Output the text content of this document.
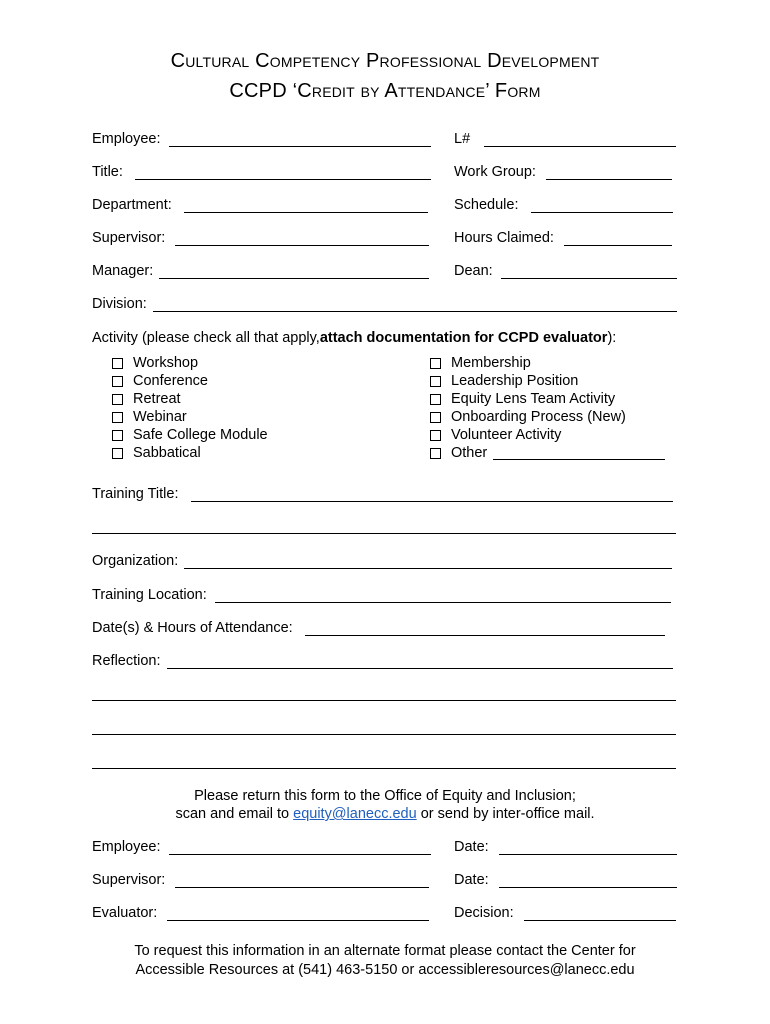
Cultural Competency Professional Development
CCPD ‘Credit by Attendance’ Form
Employee:	L#
Title:	Work Group:
Department:	Schedule:
Supervisor:	Hours Claimed:
Manager:	Dean:
Division:
Activity (please check all that apply, attach documentation for CCPD evaluator ):
Workshop
Conference
Retreat
Webinar
Safe College Module
Sabbatical
Membership
Leadership Position
Equity Lens Team Activity
Onboarding Process (New)
Volunteer Activity
Other
Training Title:
Organization:
Training Location:
Date(s) & Hours of Attendance:
Reflection:
Please return this form to the Office of Equity and Inclusion;
scan and email to equity@lanecc.edu or send by inter-office mail.
Employee:	Date:
Supervisor:	Date:
Evaluator:	Decision:
To request this information in an alternate format please contact the Center for
Accessible Resources at (541) 463-5150 or accessibleresources@lanecc.edu
